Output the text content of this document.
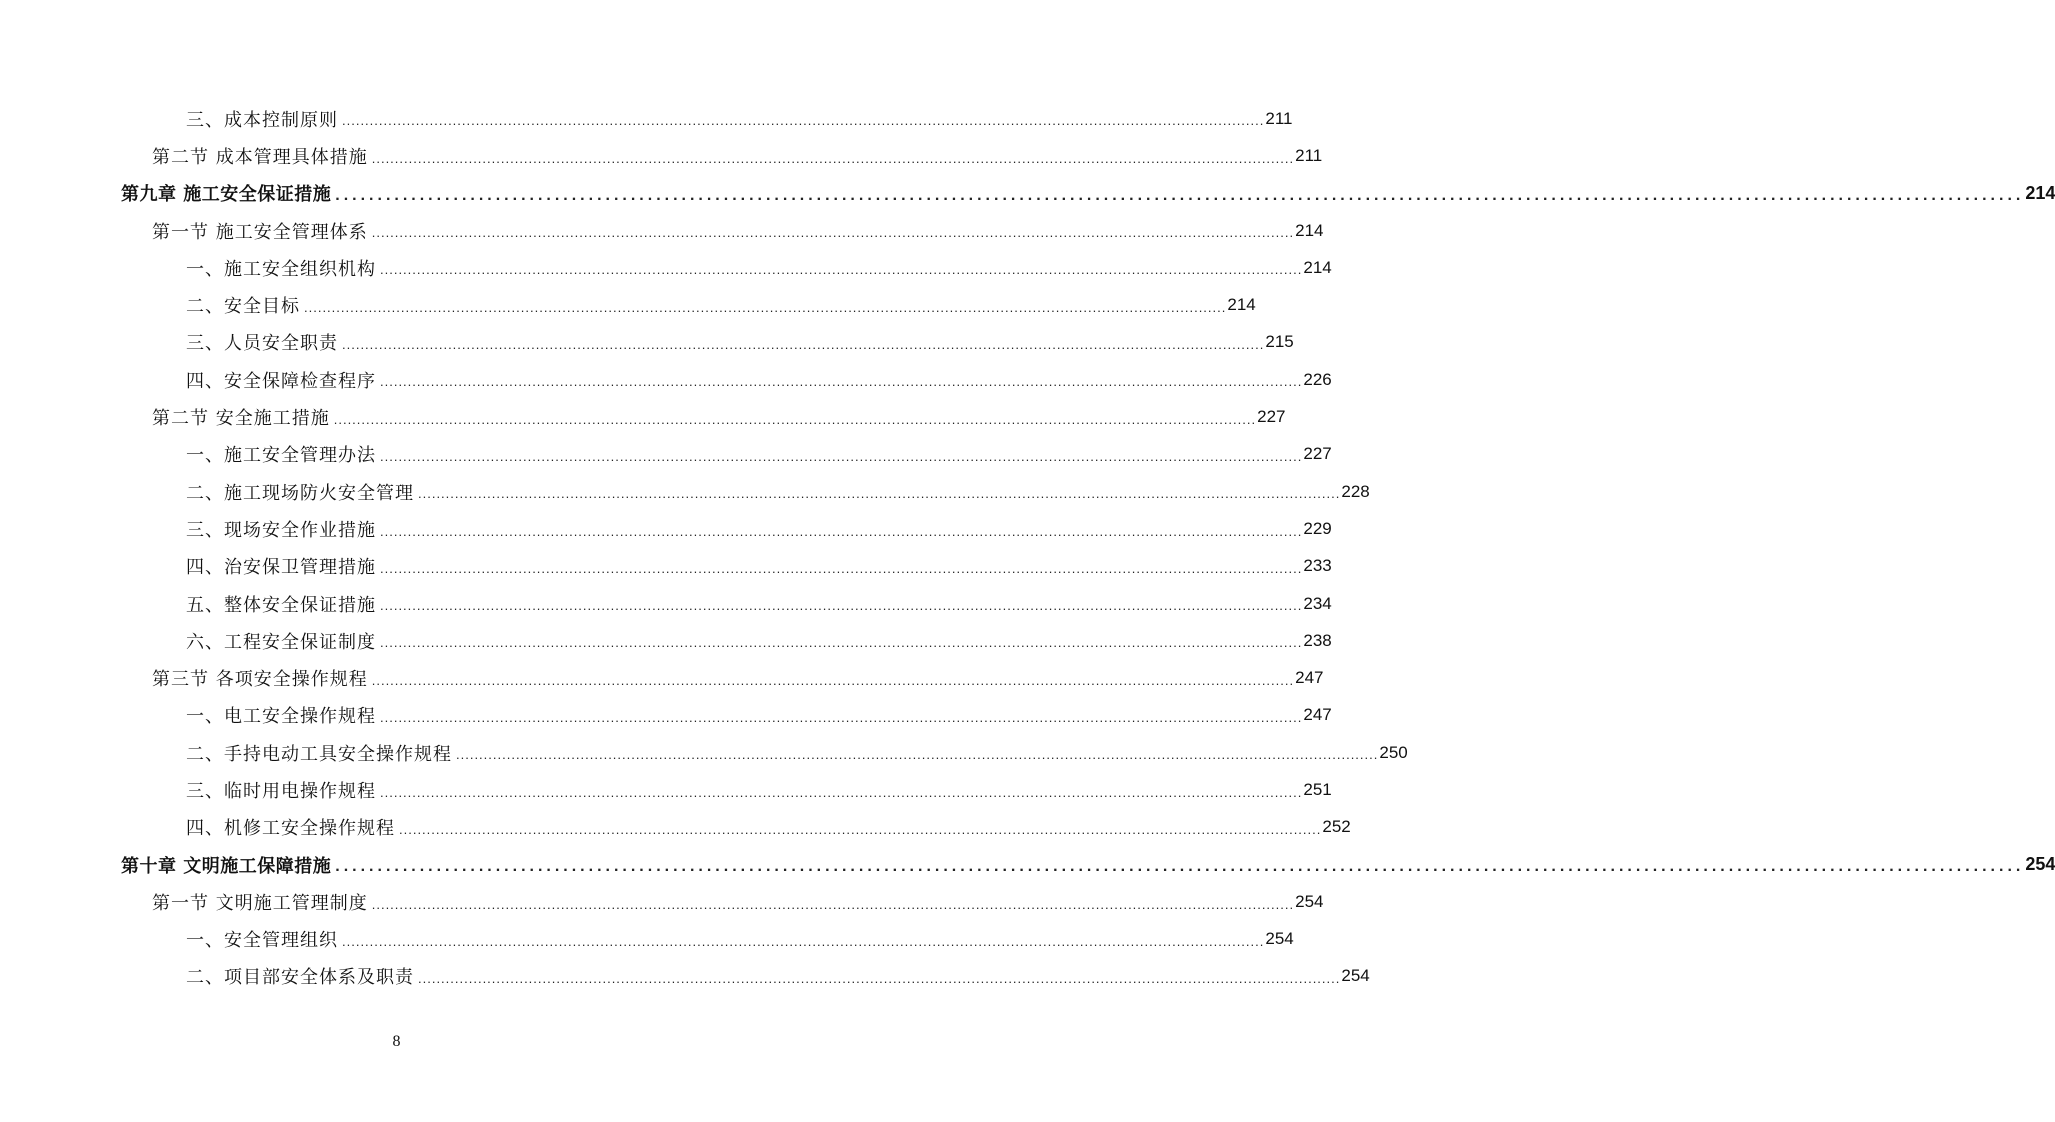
三、成本控制原则 ........................................................................................................................................................................................................ 211
第二节 成本管理具体措施 ........................................................................................................................................................................................................ 211
第九章 施工安全保证措施 ........................................................................................................................................................................................................ 214
第一节 施工安全管理体系 ........................................................................................................................................................................................................ 214
一、施工安全组织机构 ........................................................................................................................................................................................................ 214
二、安全目标 ........................................................................................................................................................................................................ 214
三、人员安全职责 ........................................................................................................................................................................................................ 215
四、安全保障检查程序 ........................................................................................................................................................................................................ 226
第二节 安全施工措施 ........................................................................................................................................................................................................ 227
一、施工安全管理办法 ........................................................................................................................................................................................................ 227
二、施工现场防火安全管理 ........................................................................................................................................................................................................ 228
三、现场安全作业措施 ........................................................................................................................................................................................................ 229
四、治安保卫管理措施 ........................................................................................................................................................................................................ 233
五、整体安全保证措施 ........................................................................................................................................................................................................ 234
六、工程安全保证制度 ........................................................................................................................................................................................................ 238
第三节 各项安全操作规程 ........................................................................................................................................................................................................ 247
一、电工安全操作规程 ........................................................................................................................................................................................................ 247
二、手持电动工具安全操作规程 ........................................................................................................................................................................................................ 250
三、临时用电操作规程 ........................................................................................................................................................................................................ 251
四、机修工安全操作规程 ........................................................................................................................................................................................................ 252
第十章 文明施工保障措施 ........................................................................................................................................................................................................ 254
第一节 文明施工管理制度 ........................................................................................................................................................................................................ 254
一、安全管理组织 ........................................................................................................................................................................................................ 254
二、项目部安全体系及职责 ........................................................................................................................................................................................................ 254
8
